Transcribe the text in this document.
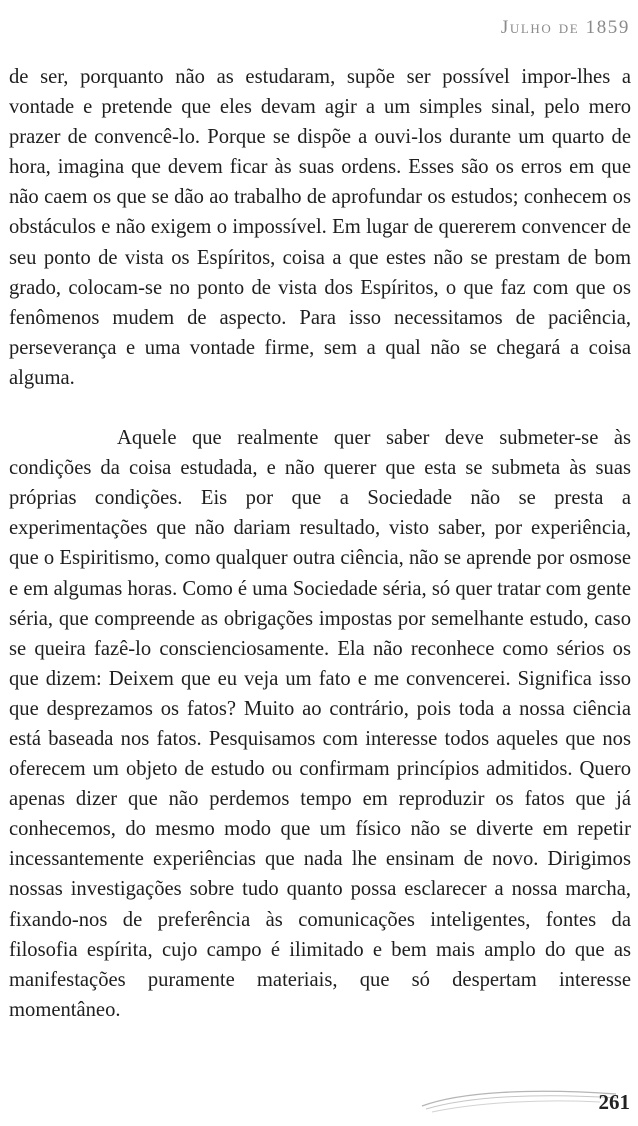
Julho de 1859

de ser, porquanto não as estudaram, supõe ser possível impor-lhes a vontade e pretende que eles devam agir a um simples sinal, pelo mero prazer de convencê-lo. Porque se dispõe a ouvi-los durante um quarto de hora, imagina que devem ficar às suas ordens. Esses são os erros em que não caem os que se dão ao trabalho de aprofundar os estudos; conhecem os obstáculos e não exigem o impossível. Em lugar de quererem convencer de seu ponto de vista os Espíritos, coisa a que estes não se prestam de bom grado, colocam-se no ponto de vista dos Espíritos, o que faz com que os fenômenos mudem de aspecto. Para isso necessitamos de paciência, perseverança e uma vontade firme, sem a qual não se chegará a coisa alguma.

Aquele que realmente quer saber deve submeter-se às condições da coisa estudada, e não querer que esta se submeta às suas próprias condições. Eis por que a Sociedade não se presta a experimentações que não dariam resultado, visto saber, por experiência, que o Espiritismo, como qualquer outra ciência, não se aprende por osmose e em algumas horas. Como é uma Sociedade séria, só quer tratar com gente séria, que compreende as obrigações impostas por semelhante estudo, caso se queira fazê-lo conscienciosamente. Ela não reconhece como sérios os que dizem: Deixem que eu veja um fato e me convencerei. Significa isso que desprezamos os fatos? Muito ao contrário, pois toda a nossa ciência está baseada nos fatos. Pesquisamos com interesse todos aqueles que nos oferecem um objeto de estudo ou confirmam princípios admitidos. Quero apenas dizer que não perdemos tempo em reproduzir os fatos que já conhecemos, do mesmo modo que um físico não se diverte em repetir incessantemente experiências que nada lhe ensinam de novo. Dirigimos nossas investigações sobre tudo quanto possa esclarecer a nossa marcha, fixando-nos de preferência às comunicações inteligentes, fontes da filosofia espírita, cujo campo é ilimitado e bem mais amplo do que as manifestações puramente materiais, que só despertam interesse momentâneo.

261
